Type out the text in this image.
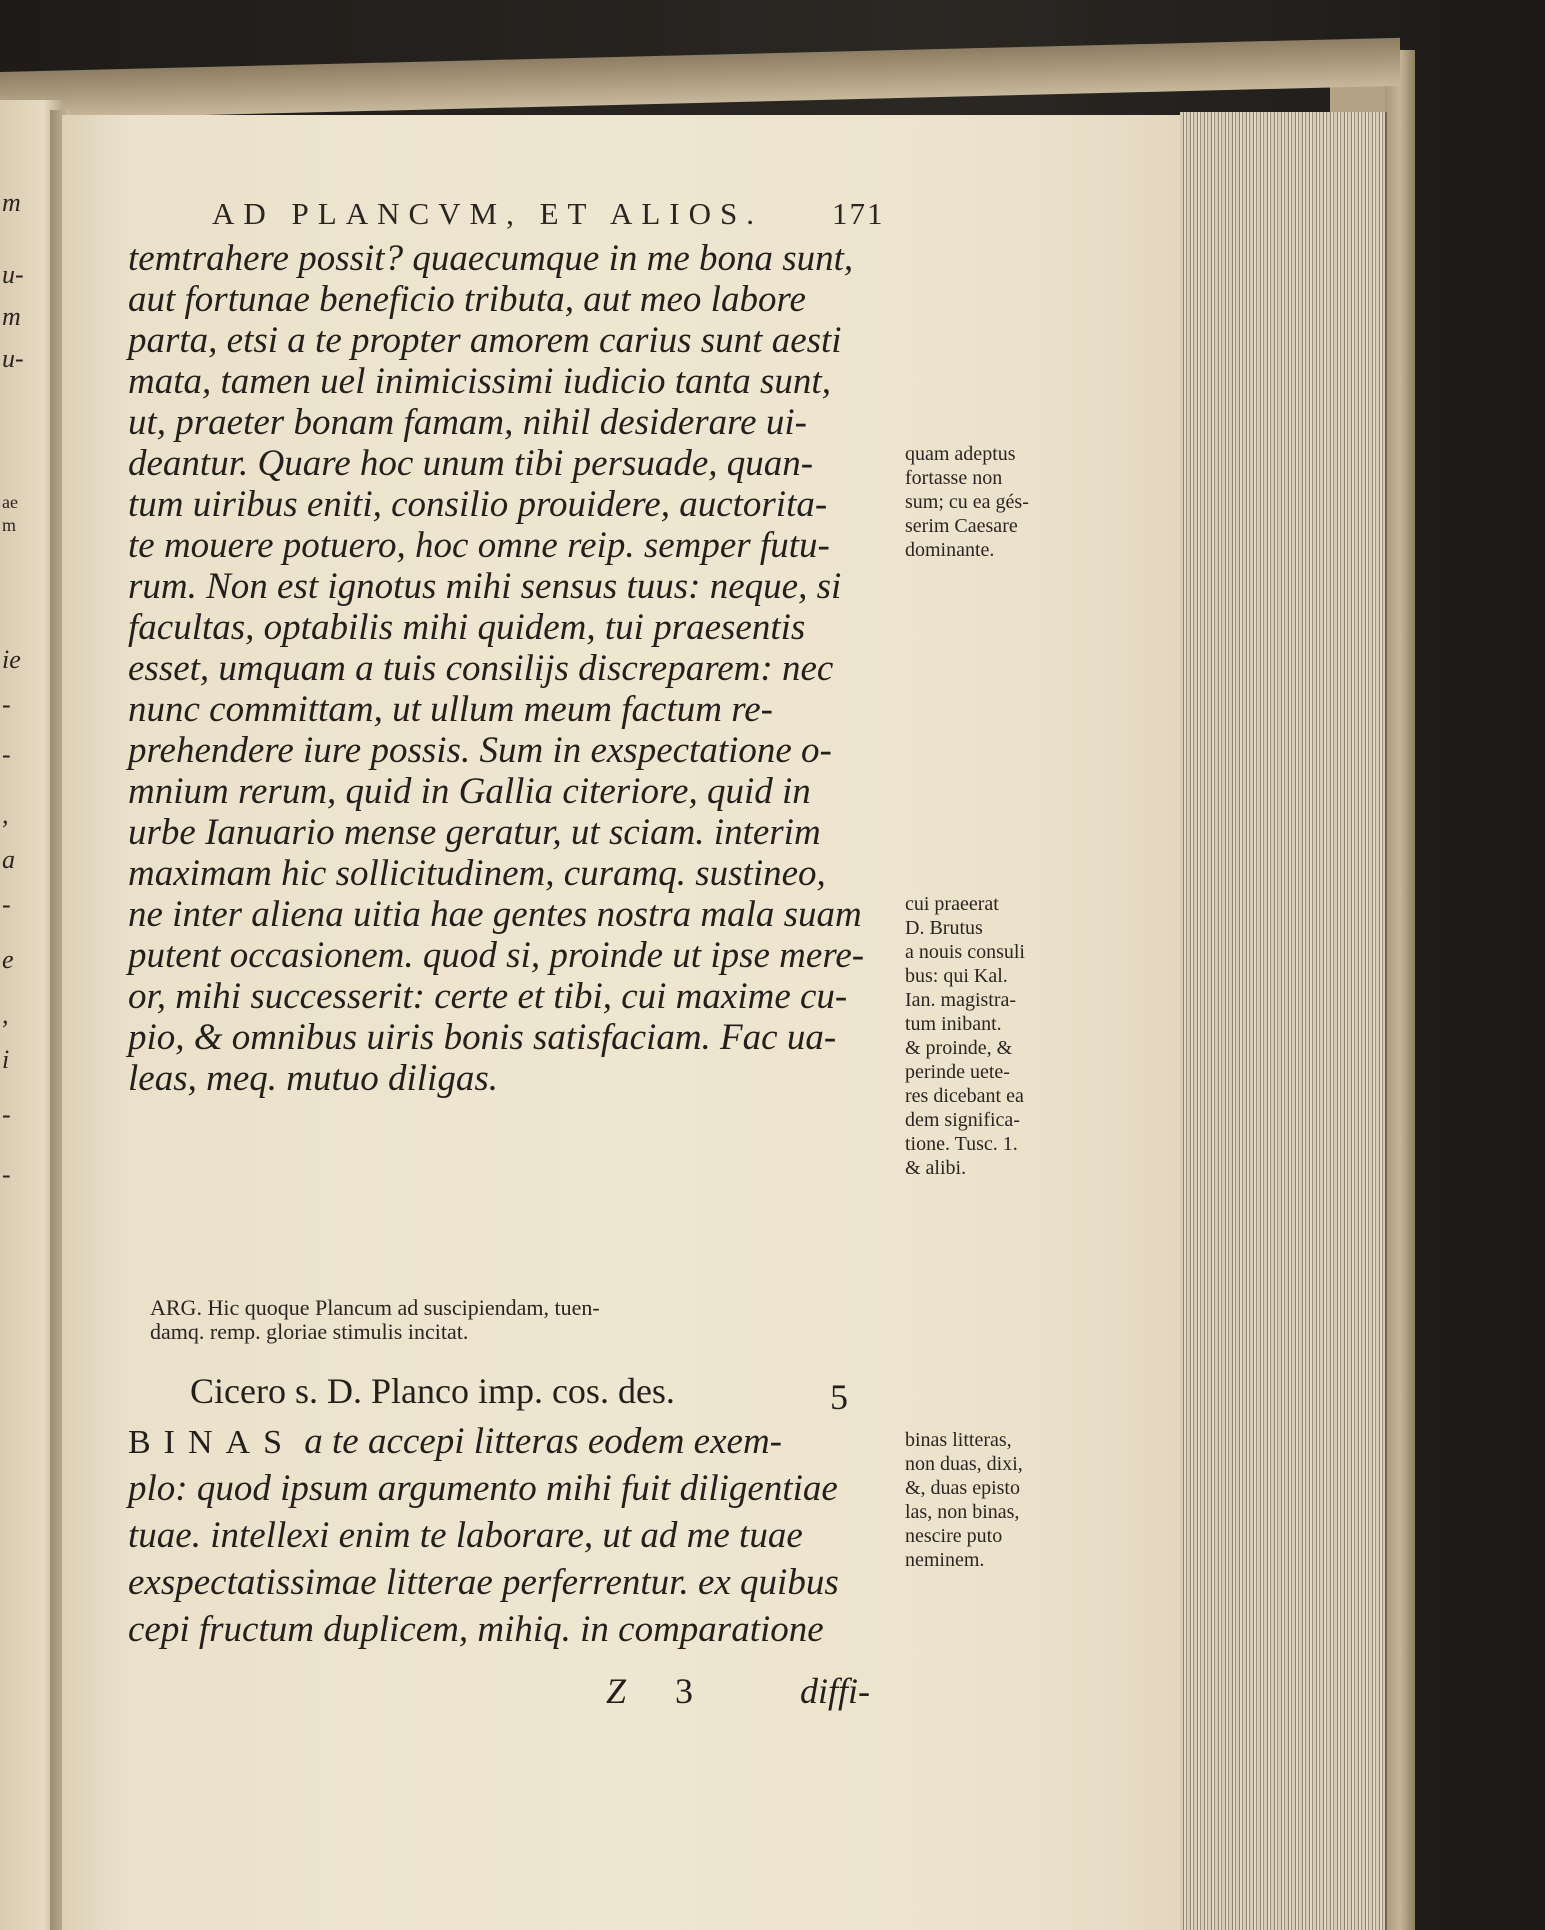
m
u-
m
u-
ae
m
ie
-
-
,
a
-
e
,
i
-
-
AD PLANCVM, ET ALIOS. 171
temtrahere possit? quaecumque in me bona sunt,
aut fortunae beneficio tributa, aut meo labore
parta, etsi a te propter amorem carius sunt aesti
mata, tamen uel inimicissimi iudicio tanta sunt,
ut, praeter bonam famam, nihil desiderare ui-
deantur. Quare hoc unum tibi persuade, quan-
tum uiribus eniti, consilio prouidere, auctorita-
te mouere potuero, hoc omne reip. semper futu-
rum. Non est ignotus mihi sensus tuus: neque, si
facultas, optabilis mihi quidem, tui praesentis
esset, umquam a tuis consilijs discreparem: nec
nunc committam, ut ullum meum factum re-
prehendere iure possis. Sum in exspectatione o-
mnium rerum, quid in Gallia citeriore, quid in
urbe Ianuario mense geratur, ut sciam. interim
maximam hic sollicitudinem, curamq. sustineo,
ne inter aliena uitia hae gentes nostra mala suam
putent occasionem. quod si, proinde ut ipse mere-
or, mihi successerit: certe et tibi, cui maxime cu-
pio, & omnibus uiris bonis satisfaciam. Fac ua-
leas, meq. mutuo diligas.
ARG. Hic quoque Plancum ad suscipiendam, tuen-
damq. remp. gloriae stimulis incitat.
Cicero s. D. Planco imp. cos. des.	5
BINAS a te accepi litteras eodem exem-
plo: quod ipsum argumento mihi fuit diligentiae
tuae. intellexi enim te laborare, ut ad me tuae
exspectatissimae litterae perferrentur. ex quibus
cepi fructum duplicem, mihiq. in comparatione
Z 3	diffi-
quam adeptus
fortasse non
sum; cu ea gés-
serim Caesare
dominante.
cui praeerat
D. Brutus
a nouis consuli
bus: qui Kal.
Ian. magistra-
tum inibant.
& proinde, &
perinde uete-
res dicebant ea
dem significa-
tione. Tusc. 1.
& alibi.
binas litteras,
non duas, dixi,
&, duas episto
las, non binas,
nescire puto
neminem.
